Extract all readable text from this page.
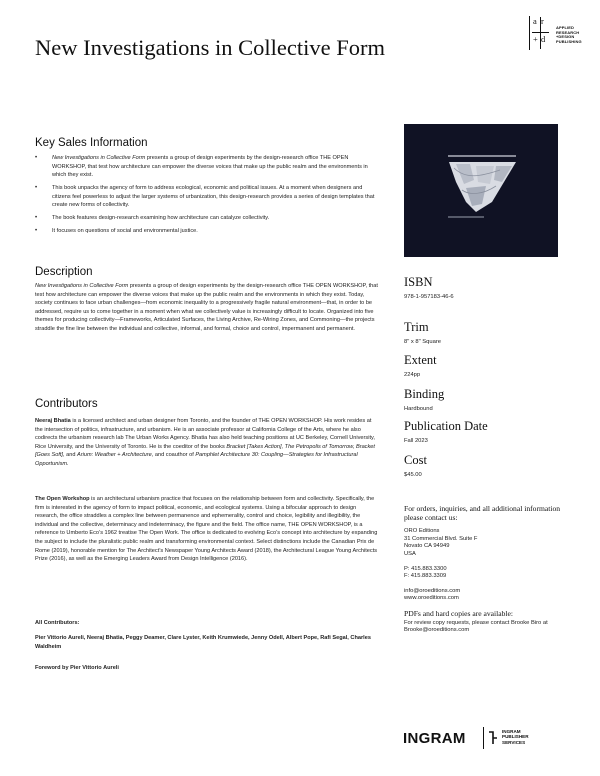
New Investigations in Collective Form
a r
+ d
APPLIED
RESEARCH
+DESIGN
PUBLISHING
Key Sales Information
• New Investigations in Collective Form presents a group of design experiments by the design-research office THE OPEN WORKSHOP, that test how architecture can empower the diverse voices that make up the public realm and the environments in which they exist.
• This book unpacks the agency of form to address ecological, economic and political issues. At a moment when designers and citizens feel powerless to adjust the larger systems of urbanization, this design-research provides a series of design templates that create new forms of collectivity.
• The book features design-research examining how architecture can catalyze collectivity.
• It focuses on questions of social and environmental justice.
Description

New Investigations in Collective Form presents a group of design experiments by the design-research office THE OPEN WORKSHOP, that test how architecture can empower the diverse voices that make up the public realm and the environments in which they exist. Today, society continues to face urban challenges—from economic inequality to a progressively fragile natural environment—that, in order to be addressed, require us to come together in a moment when what we collectively value is increasingly difficult to locate. Organized into five themes for producing collectivity—Frameworks, Articulated Surfaces, the Living Archive, Re-Wiring Zones, and Commoning—the projects straddle the fine line between the individual and collective, informal, and formal, choice and control, impermanent and permanent.

Contributors

Neeraj Bhatia is a licensed architect and urban designer from Toronto, and the founder of THE OPEN WORKSHOP. His work resides at the intersection of politics, infrastructure, and urbanism. He is an associate professor at California College of the Arts, where he also codirects the urbanism research lab The Urban Works Agency. Bhatia has also held teaching positions at UC Berkeley, Cornell University, Rice University, and the University of Toronto. He is the coeditor of the books Bracket [Takes Action], The Petropolis of Tomorrow, Bracket [Goes Soft], and Arium: Weather + Architecture, and coauthor of Pamphlet Architecture 30: Coupling—Strategies for Infrastructural Opportunism.

The Open Workshop is an architectural urbanism practice that focuses on the relationship between form and collectivity. Specifically, the firm is interested in the agency of form to impact political, economic, and ecological systems. Using a bifocular approach to design research, the office straddles a complex line between permanence and ephemerality, control and choice, legibility and illegibility, the individual and the collective, determinacy and indeterminacy, the figure and the field. The office name, THE OPEN WORKSHOP, is a reference to Umberto Eco’s 1962 treatise The Open Work. The office is dedicated to evolving Eco’s concept into architecture by expanding the subject to include the pluralistic public realm and transforming environmental context. Select distinctions include the Canadian Prix de Rome (2019), honorable mention for The Architect’s Newspaper Young Architects Award (2018), the Architectural League Young Architects Prize (2016), as well as the Emerging Leaders Award from Design Intelligence (2016).

All Contributors:

Pier Vittorio Aureli, Neeraj Bhatia, Peggy Deamer, Clare Lyster, Keith Krumwiede, Jenny Odell, Albert Pope, Rafi Segal, Charles Waldheim

Foreword by Pier Vittorio Aureli

ISBN
978-1-957183-46-6
Trim
8" x 8" Square
Extent
224pp
Binding
Hardbound
Publication Date
Fall 2023
Cost
$45.00
For orders, inquiries, and all additional information please contact us:
ORO Editions
31 Commercial Blvd. Suite F
Novato CA 94949
USA
P: 415.883.3300
F: 415.883.3309
info@oroeditions.com
www.oroeditions.com
PDFs and hard copies are available:
For review copy requests, please contact Brooke Biro at Brooke@oroeditions.com
INGRAM	INGRAM
PUBLISHER
SERVICES
